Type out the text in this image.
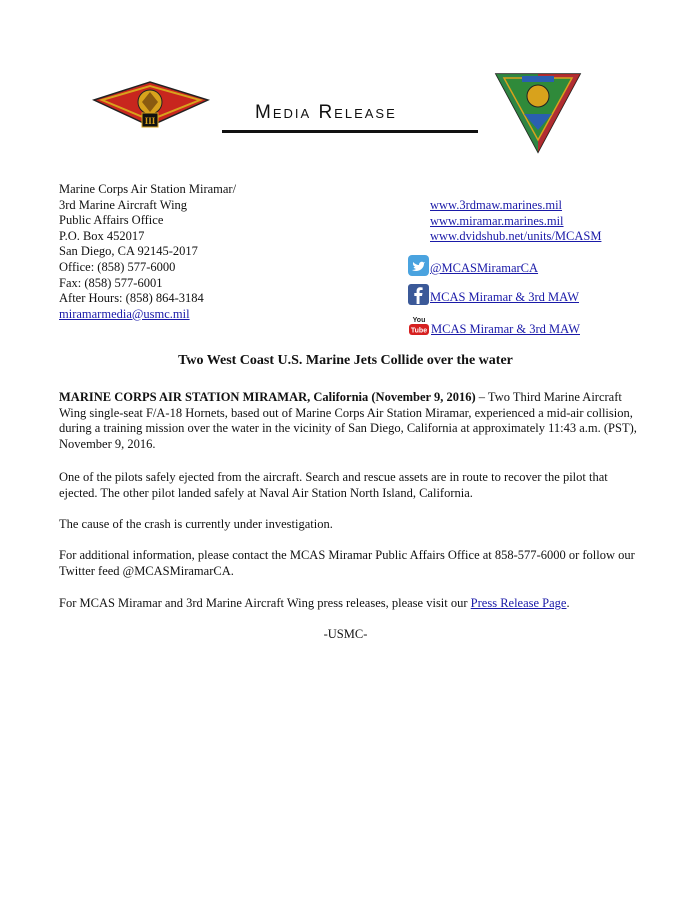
III	Media Release
Marine Corps Air Station Miramar/
3rd Marine Aircraft Wing
Public Affairs Office
P.O. Box 452017
San Diego, CA 92145-2017
Office: (858) 577-6000
Fax: (858) 577-6001
After Hours: (858) 864-3184
miramarmedia@usmc.mil
www.3rdmaw.marines.mil
www.miramar.marines.mil
www.dvidshub.net/units/MCASM
@MCASMiramarCA
MCAS Miramar & 3rd MAW
You
Tube MCAS Miramar & 3rd MAW
Two West Coast U.S. Marine Jets Collide over the water
MARINE CORPS AIR STATION MIRAMAR, California (November 9, 2016) – Two Third Marine Aircraft Wing single-seat F/A-18 Hornets, based out of Marine Corps Air Station Miramar, experienced a mid-air collision, during a training mission over the water in the vicinity of San Diego, California at approximately 11:43 a.m. (PST), November 9, 2016.
One of the pilots safely ejected from the aircraft. Search and rescue assets are in route to recover the pilot that ejected. The other pilot landed safely at Naval Air Station North Island, California.
The cause of the crash is currently under investigation.
For additional information, please contact the MCAS Miramar Public Affairs Office at 858-577-6000 or follow our Twitter feed @MCASMiramarCA.
For MCAS Miramar and 3rd Marine Aircraft Wing press releases, please visit our Press Release Page.
-USMC-
